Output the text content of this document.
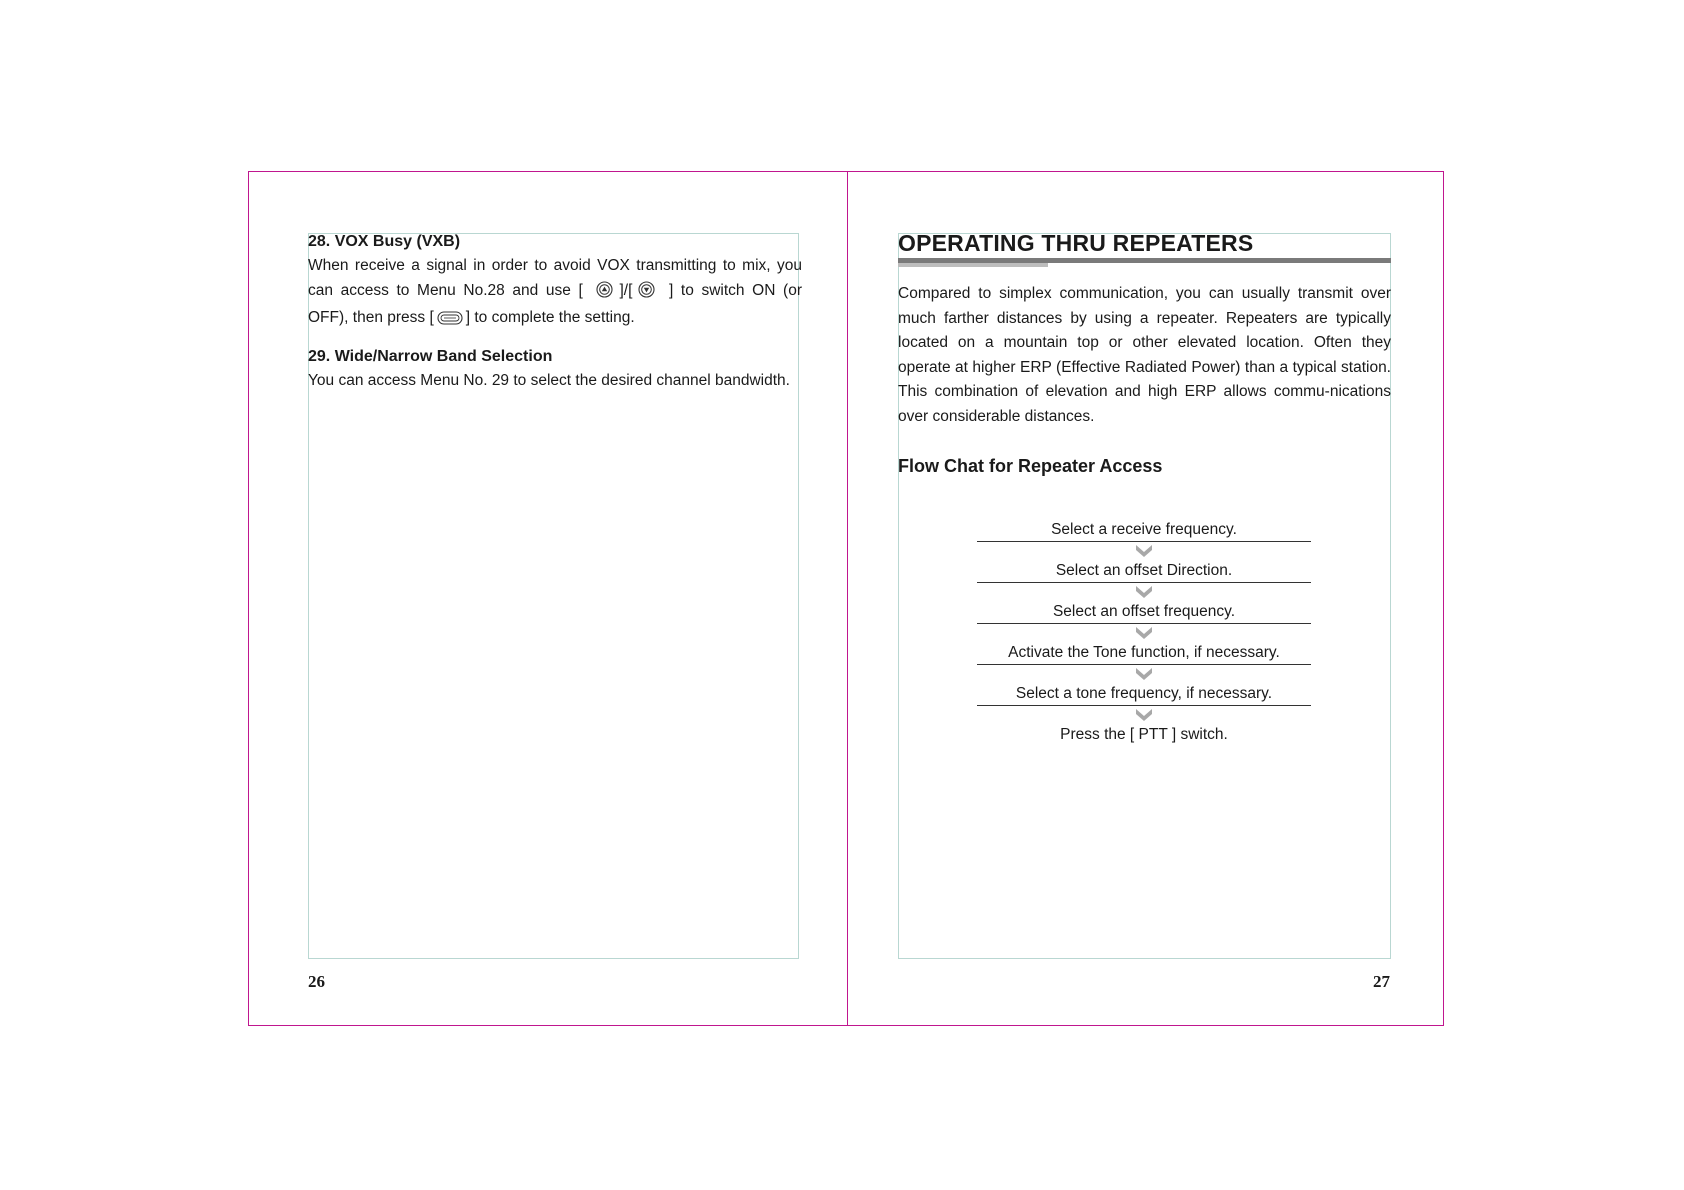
28. VOX Busy (VXB)
When receive a signal in order to avoid VOX transmitting to mix, you can access to Menu No.28 and use [ ]/[ ] to switch ON (or OFF), then press [ ] to complete the setting.
29. Wide/Narrow Band Selection
You can access Menu No. 29 to select the desired channel bandwidth.
OPERATING THRU REPEATERS
Compared to simplex communication, you can usually transmit over much farther distances by using a repeater. Repeaters are typically located on a mountain top or other elevated location. Often they operate at higher ERP (Effective Radiated Power) than a typical station. This combination of elevation and high ERP allows commu-nications over considerable distances.
Flow Chat for Repeater Access
Select a receive frequency.
Select an offset Direction.
Select an offset frequency.
Activate the Tone function, if necessary.
Select a tone frequency, if necessary.
Press the [ PTT ] switch.
26	27
